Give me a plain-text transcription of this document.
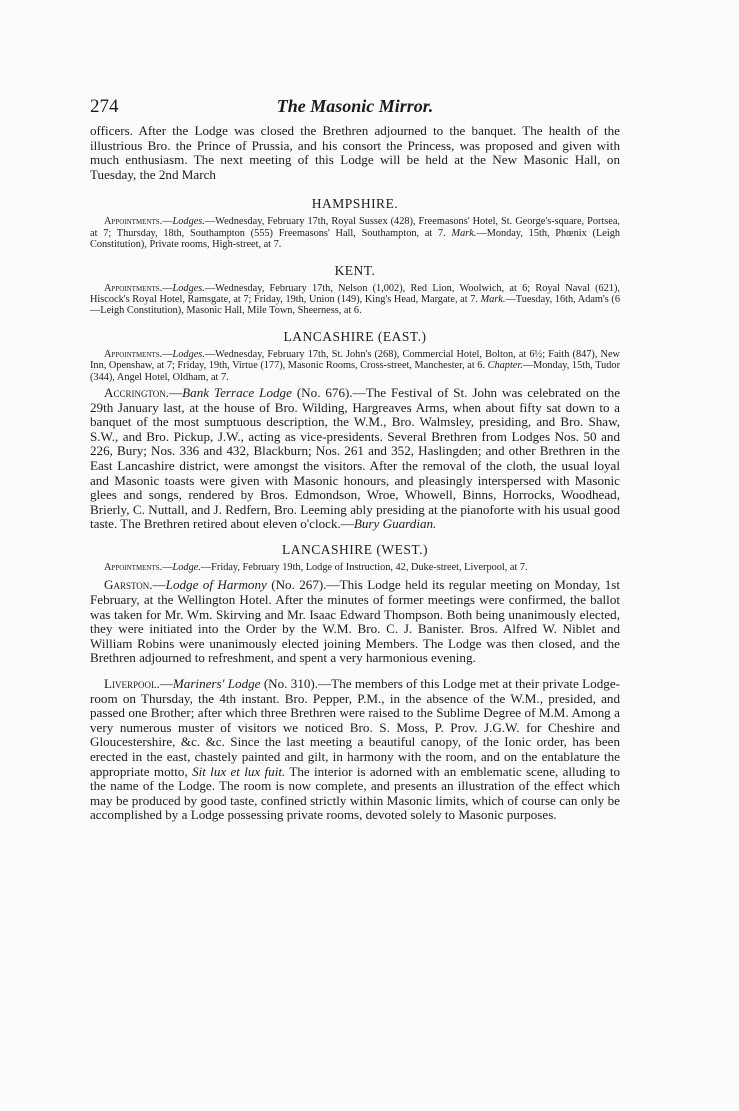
274	The Masonic Mirror.

officers. After the Lodge was closed the Brethren adjourned to the banquet. The health of the illustrious Bro. the Prince of Prussia, and his consort the Princess, was proposed and given with much enthusiasm. The next meeting of this Lodge will be held at the New Masonic Hall, on Tuesday, the 2nd March

HAMPSHIRE.

Appointments.—Lodges.—Wednesday, February 17th, Royal Sussex (428), Freemasons' Hotel, St. George's-square, Portsea, at 7; Thursday, 18th, Southampton (555) Freemasons' Hall, Southampton, at 7. Mark.—Monday, 15th, Phœnix (Leigh Constitution), Private rooms, High-street, at 7.

KENT.

Appointments.—Lodges.—Wednesday, February 17th, Nelson (1,002), Red Lion, Woolwich, at 6; Royal Naval (621), Hiscock's Royal Hotel, Ramsgate, at 7; Friday, 19th, Union (149), King's Head, Margate, at 7. Mark.—Tuesday, 16th, Adam's (6—Leigh Constitution), Masonic Hall, Mile Town, Sheerness, at 6.

LANCASHIRE (EAST.)

Appointments.—Lodges.—Wednesday, February 17th, St. John's (268), Commercial Hotel, Bolton, at 6½; Faith (847), New Inn, Openshaw, at 7; Friday, 19th, Virtue (177), Masonic Rooms, Cross-street, Manchester, at 6. Chapter.—Monday, 15th, Tudor (344), Angel Hotel, Oldham, at 7.

Accrington.—Bank Terrace Lodge (No. 676).—The Festival of St. John was celebrated on the 29th January last, at the house of Bro. Wilding, Hargreaves Arms, when about fifty sat down to a banquet of the most sumptuous description, the W.M., Bro. Walmsley, presiding, and Bro. Shaw, S.W., and Bro. Pickup, J.W., acting as vice-presidents. Several Brethren from Lodges Nos. 50 and 226, Bury; Nos. 336 and 432, Blackburn; Nos. 261 and 352, Haslingden; and other Brethren in the East Lancashire district, were amongst the visitors. After the removal of the cloth, the usual loyal and Masonic toasts were given with Masonic honours, and pleasingly interspersed with Masonic glees and songs, rendered by Bros. Edmondson, Wroe, Whowell, Binns, Horrocks, Woodhead, Brierly, C. Nuttall, and J. Redfern, Bro. Leeming ably presiding at the pianoforte with his usual good taste. The Brethren retired about eleven o'clock.—Bury Guardian.

LANCASHIRE (WEST.)

Appointments.—Lodge.—Friday, February 19th, Lodge of Instruction, 42, Duke-street, Liverpool, at 7.

Garston.—Lodge of Harmony (No. 267).—This Lodge held its regular meeting on Monday, 1st February, at the Wellington Hotel. After the minutes of former meetings were confirmed, the ballot was taken for Mr. Wm. Skirving and Mr. Isaac Edward Thompson. Both being unanimously elected, they were initiated into the Order by the W.M. Bro. C. J. Banister. Bros. Alfred W. Niblet and William Robins were unanimously elected joining Members. The Lodge was then closed, and the Brethren adjourned to refreshment, and spent a very harmonious evening.

Liverpool.—Mariners' Lodge (No. 310).—The members of this Lodge met at their private Lodge-room on Thursday, the 4th instant. Bro. Pepper, P.M., in the absence of the W.M., presided, and passed one Brother; after which three Brethren were raised to the Sublime Degree of M.M. Among a very numerous muster of visitors we noticed Bro. S. Moss, P. Prov. J.G.W. for Cheshire and Gloucestershire, &c. &c. Since the last meeting a beautiful canopy, of the Ionic order, has been erected in the east, chastely painted and gilt, in harmony with the room, and on the entablature the appropriate motto, Sit lux et lux fuit. The interior is adorned with an emblematic scene, alluding to the name of the Lodge. The room is now complete, and presents an illustration of the effect which may be produced by good taste, confined strictly within Masonic limits, which of course can only be accomplished by a Lodge possessing private rooms, devoted solely to Masonic purposes.
